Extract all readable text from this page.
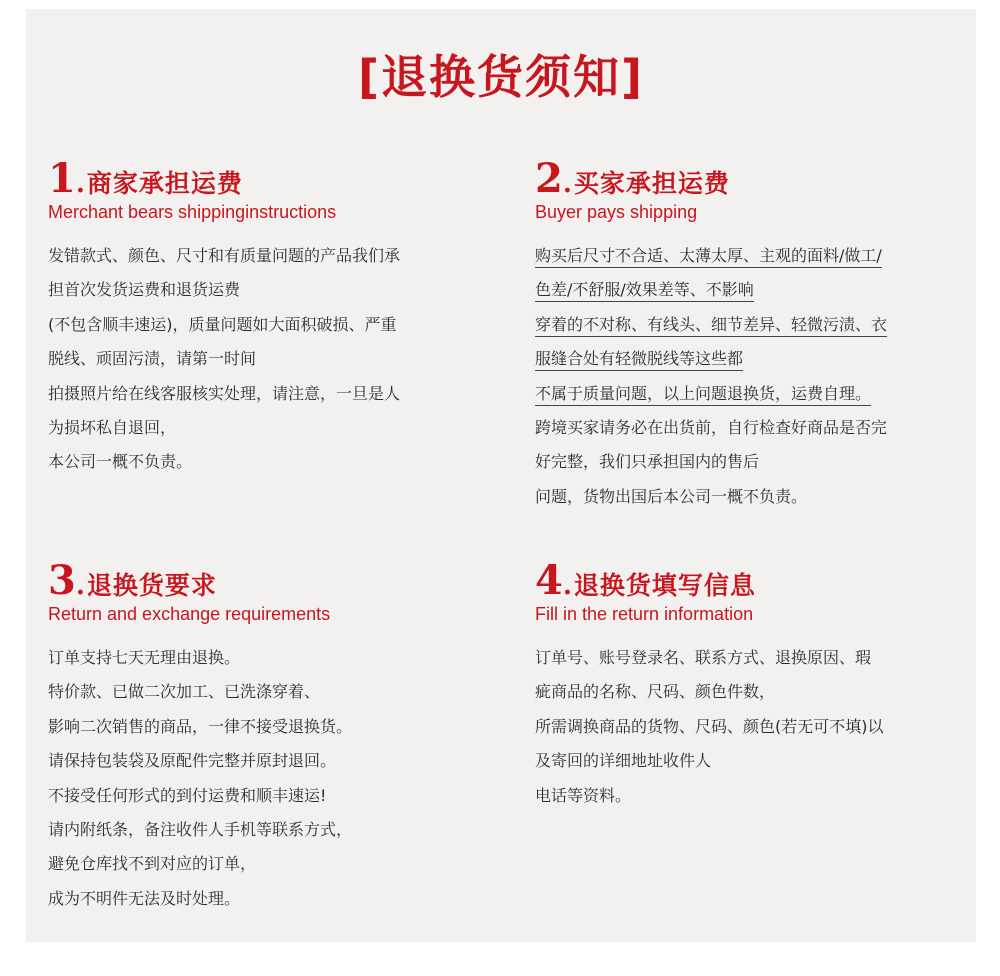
[退换货须知]
1 . 商家承担运费
Merchant bears shippinginstructions
发错款式、颜色、尺寸和有质量问题的产品我们承
担首次发货运费和退货运费
(不包含顺丰速运)，质量问题如大面积破损、严重
脱线、顽固污渍，请第一时间
拍摄照片给在线客服核实处理，请注意，一旦是人
为损坏私自退回，
本公司一概不负责。
2 . 买家承担运费
Buyer pays shipping
购买后尺寸不合适、太薄太厚、主观的面料/做工/
色差/不舒服/效果差等、不影响
穿着的不对称、有线头、细节差异、轻微污渍、衣
服缝合处有轻微脱线等这些都
不属于质量问题，以上问题退换货，运费自理。
跨境买家请务必在出货前，自行检查好商品是否完
好完整，我们只承担国内的售后
问题，货物出国后本公司一概不负责。
3 . 退换货要求
Return and exchange requirements
订单支持七天无理由退换。
特价款、已做二次加工、已洗涤穿着、
影响二次销售的商品，一律不接受退换货。
请保持包装袋及原配件完整并原封退回。
不接受任何形式的到付运费和顺丰速运!
请内附纸条，备注收件人手机等联系方式，
避免仓库找不到对应的订单，
成为不明件无法及时处理。
4 . 退换货填写信息
Fill in the return information
订单号、账号登录名、联系方式、退换原因、瑕
疵商品的名称、尺码、颜色件数，
所需调换商品的货物、尺码、颜色(若无可不填)以
及寄回的详细地址收件人
电话等资料。
